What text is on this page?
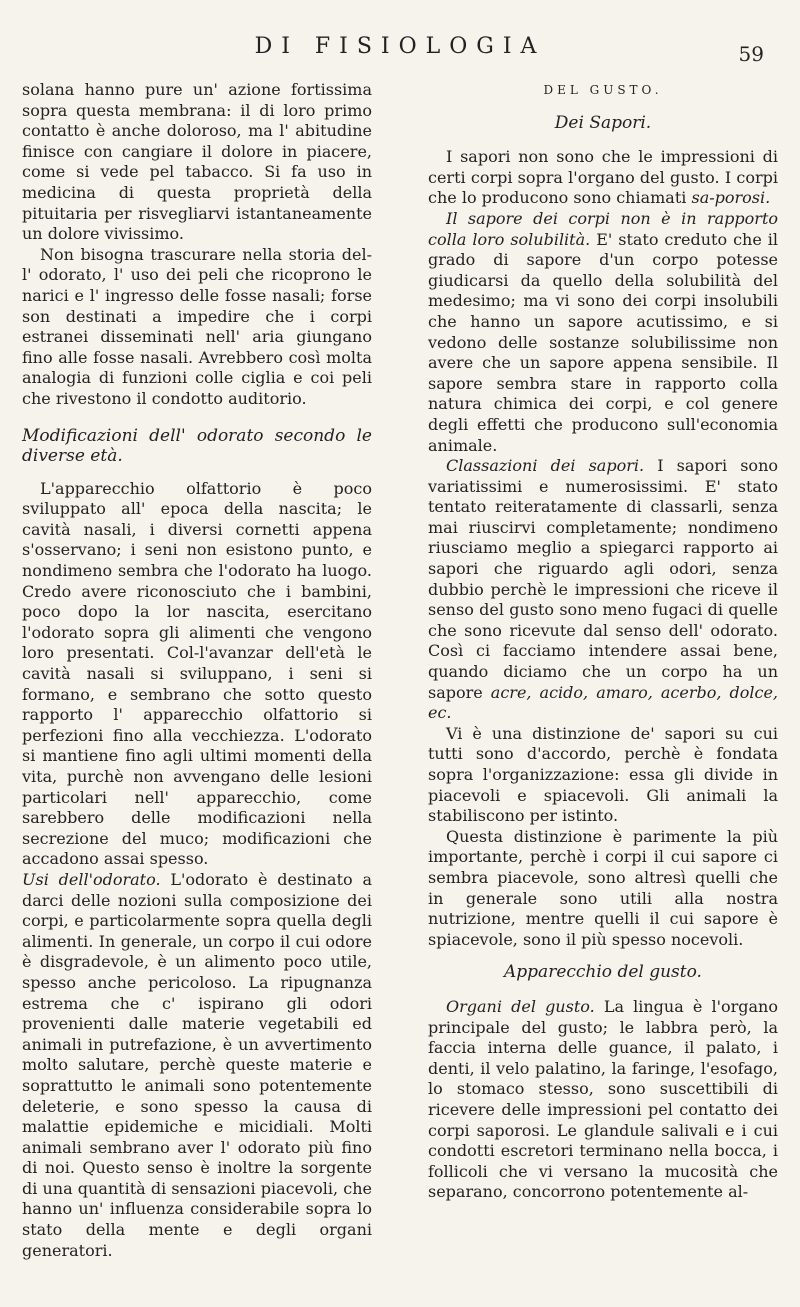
DI FISIOLOGIA	59

solana hanno pure un' azione fortissima sopra questa membrana: il di loro primo contatto è anche doloroso, ma l' abitudine finisce con cangiare il dolore in piacere, come si vede pel tabacco. Si fa uso in medicina di questa proprietà della pituitaria per risvegliarvi istantaneamente un dolore vivissimo.

Non bisogna trascurare nella storia del-l' odorato, l' uso dei peli che ricoprono le narici e l' ingresso delle fosse nasali; forse son destinati a impedire che i corpi estranei disseminati nell' aria giungano fino alle fosse nasali. Avrebbero così molta analogia di funzioni colle ciglia e coi peli che rivestono il condotto auditorio.

Modificazioni dell' odorato secondo le diverse età.

L'apparecchio olfattorio è poco sviluppato all' epoca della nascita; le cavità nasali, i diversi cornetti appena s'osservano; i seni non esistono punto, e nondimeno sembra che l'odorato ha luogo. Credo avere riconosciuto che i bambini, poco dopo la lor nascita, esercitano l'odorato sopra gli alimenti che vengono loro presentati. Col-l'avanzar dell'età le cavità nasali si sviluppano, i seni si formano, e sembrano che sotto questo rapporto l' apparecchio olfattorio si perfezioni fino alla vecchiezza. L'odorato si mantiene fino agli ultimi momenti della vita, purchè non avvengano delle lesioni particolari nell' apparecchio, come sarebbero delle modificazioni nella secrezione del muco; modificazioni che accadono assai spesso.

Usi dell'odorato. L'odorato è destinato a darci delle nozioni sulla composizione dei corpi, e particolarmente sopra quella degli alimenti. In generale, un corpo il cui odore è disgradevole, è un alimento poco utile, spesso anche pericoloso. La ripugnanza estrema che c' ispirano gli odori provenienti dalle materie vegetabili ed animali in putrefazione, è un avvertimento molto salutare, perchè queste materie e soprattutto le animali sono potentemente deleterie, e sono spesso la causa di malattie epidemiche e micidiali. Molti animali sembrano aver l' odorato più fino di noi. Questo senso è inoltre la sorgente di una quantità di sensazioni piacevoli, che hanno un' influenza considerabile sopra lo stato della mente e degli organi generatori.

DEL GUSTO.
Dei Sapori.

I sapori non sono che le impressioni di certi corpi sopra l'organo del gusto. I corpi che lo producono sono chiamati sa-porosi.

Il sapore dei corpi non è in rapporto colla loro solubilità. E' stato creduto che il grado di sapore d'un corpo potesse giudicarsi da quello della solubilità del medesimo; ma vi sono dei corpi insolubili che hanno un sapore acutissimo, e si vedono delle sostanze solubilissime non avere che un sapore appena sensibile. Il sapore sembra stare in rapporto colla natura chimica dei corpi, e col genere degli effetti che producono sull'economia animale.

Classazioni dei sapori. I sapori sono variatissimi e numerosissimi. E' stato tentato reiteratamente di classarli, senza mai riuscirvi completamente; nondimeno riusciamo meglio a spiegarci rapporto ai sapori che riguardo agli odori, senza dubbio perchè le impressioni che riceve il senso del gusto sono meno fugaci di quelle che sono ricevute dal senso dell' odorato. Così ci facciamo intendere assai bene, quando diciamo che un corpo ha un sapore acre, acido, amaro, acerbo, dolce, ec.

Vi è una distinzione de' sapori su cui tutti sono d'accordo, perchè è fondata sopra l'organizzazione: essa gli divide in piacevoli e spiacevoli. Gli animali la stabiliscono per istinto.

Questa distinzione è parimente la più importante, perchè i corpi il cui sapore ci sembra piacevole, sono altresì quelli che in generale sono utili alla nostra nutrizione, mentre quelli il cui sapore è spiacevole, sono il più spesso nocevoli.

Apparecchio del gusto.

Organi del gusto. La lingua è l'organo principale del gusto; le labbra però, la faccia interna delle guance, il palato, i denti, il velo palatino, la faringe, l'esofago, lo stomaco stesso, sono suscettibili di ricevere delle impressioni pel contatto dei corpi saporosi. Le glandule salivali e i cui condotti escretori terminano nella bocca, i follicoli che vi versano la mucosità che separano, concorrono potentemente al-
